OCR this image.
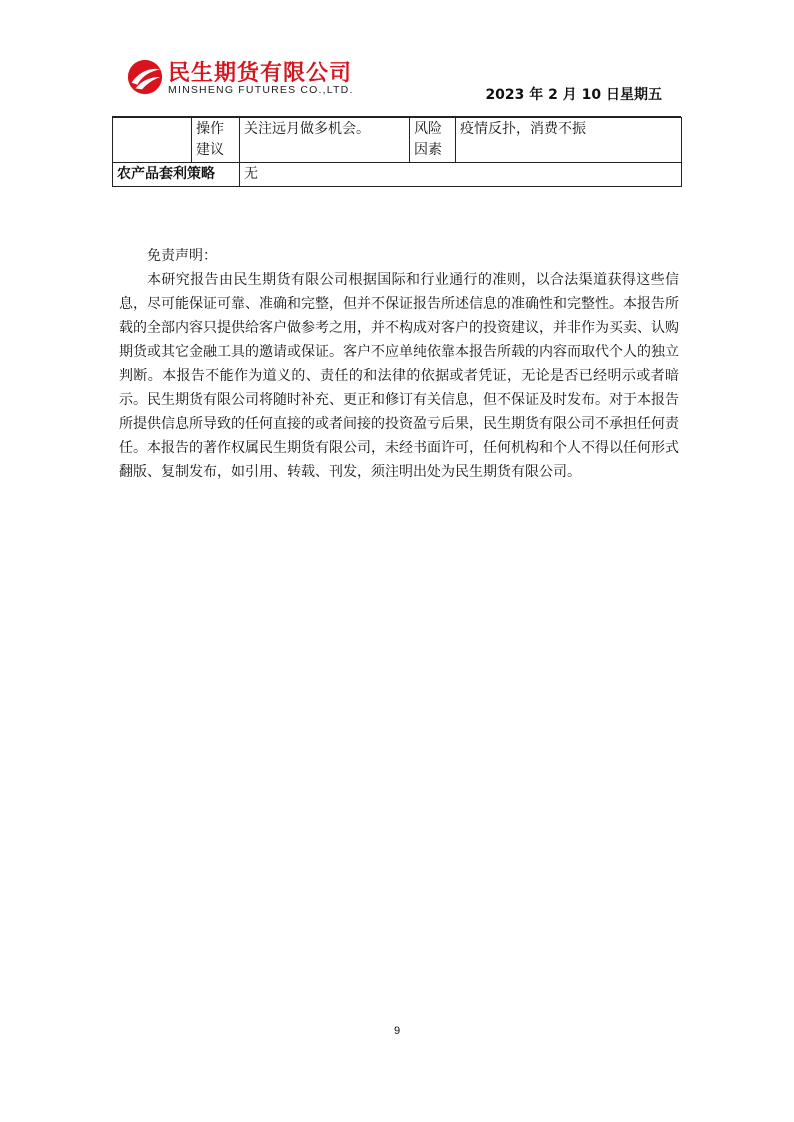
民生期货有限公司
MINSHENG FUTURES CO.,LTD.	2023 年 2 月 10 日星期五
	操作建议	关注远月做多机会。	风险因素	疫情反扑，消费不振
农产品套利策略		无		
免责声明：

本研究报告由民生期货有限公司根据国际和行业通行的准则，以合法渠道获得这些信息，尽可能保证可靠、准确和完整，但并不保证报告所述信息的准确性和完整性。本报告所载的全部内容只提供给客户做参考之用，并不构成对客户的投资建议，并非作为买卖、认购期货或其它金融工具的邀请或保证。客户不应单纯依靠本报告所载的内容而取代个人的独立判断。本报告不能作为道义的、责任的和法律的依据或者凭证，无论是否已经明示或者暗示。民生期货有限公司将随时补充、更正和修订有关信息，但不保证及时发布。对于本报告所提供信息所导致的任何直接的或者间接的投资盈亏后果，民生期货有限公司不承担任何责任。本报告的著作权属民生期货有限公司，未经书面许可，任何机构和个人不得以任何形式翻版、复制发布，如引用、转载、刊发，须注明出处为民生期货有限公司。

9
